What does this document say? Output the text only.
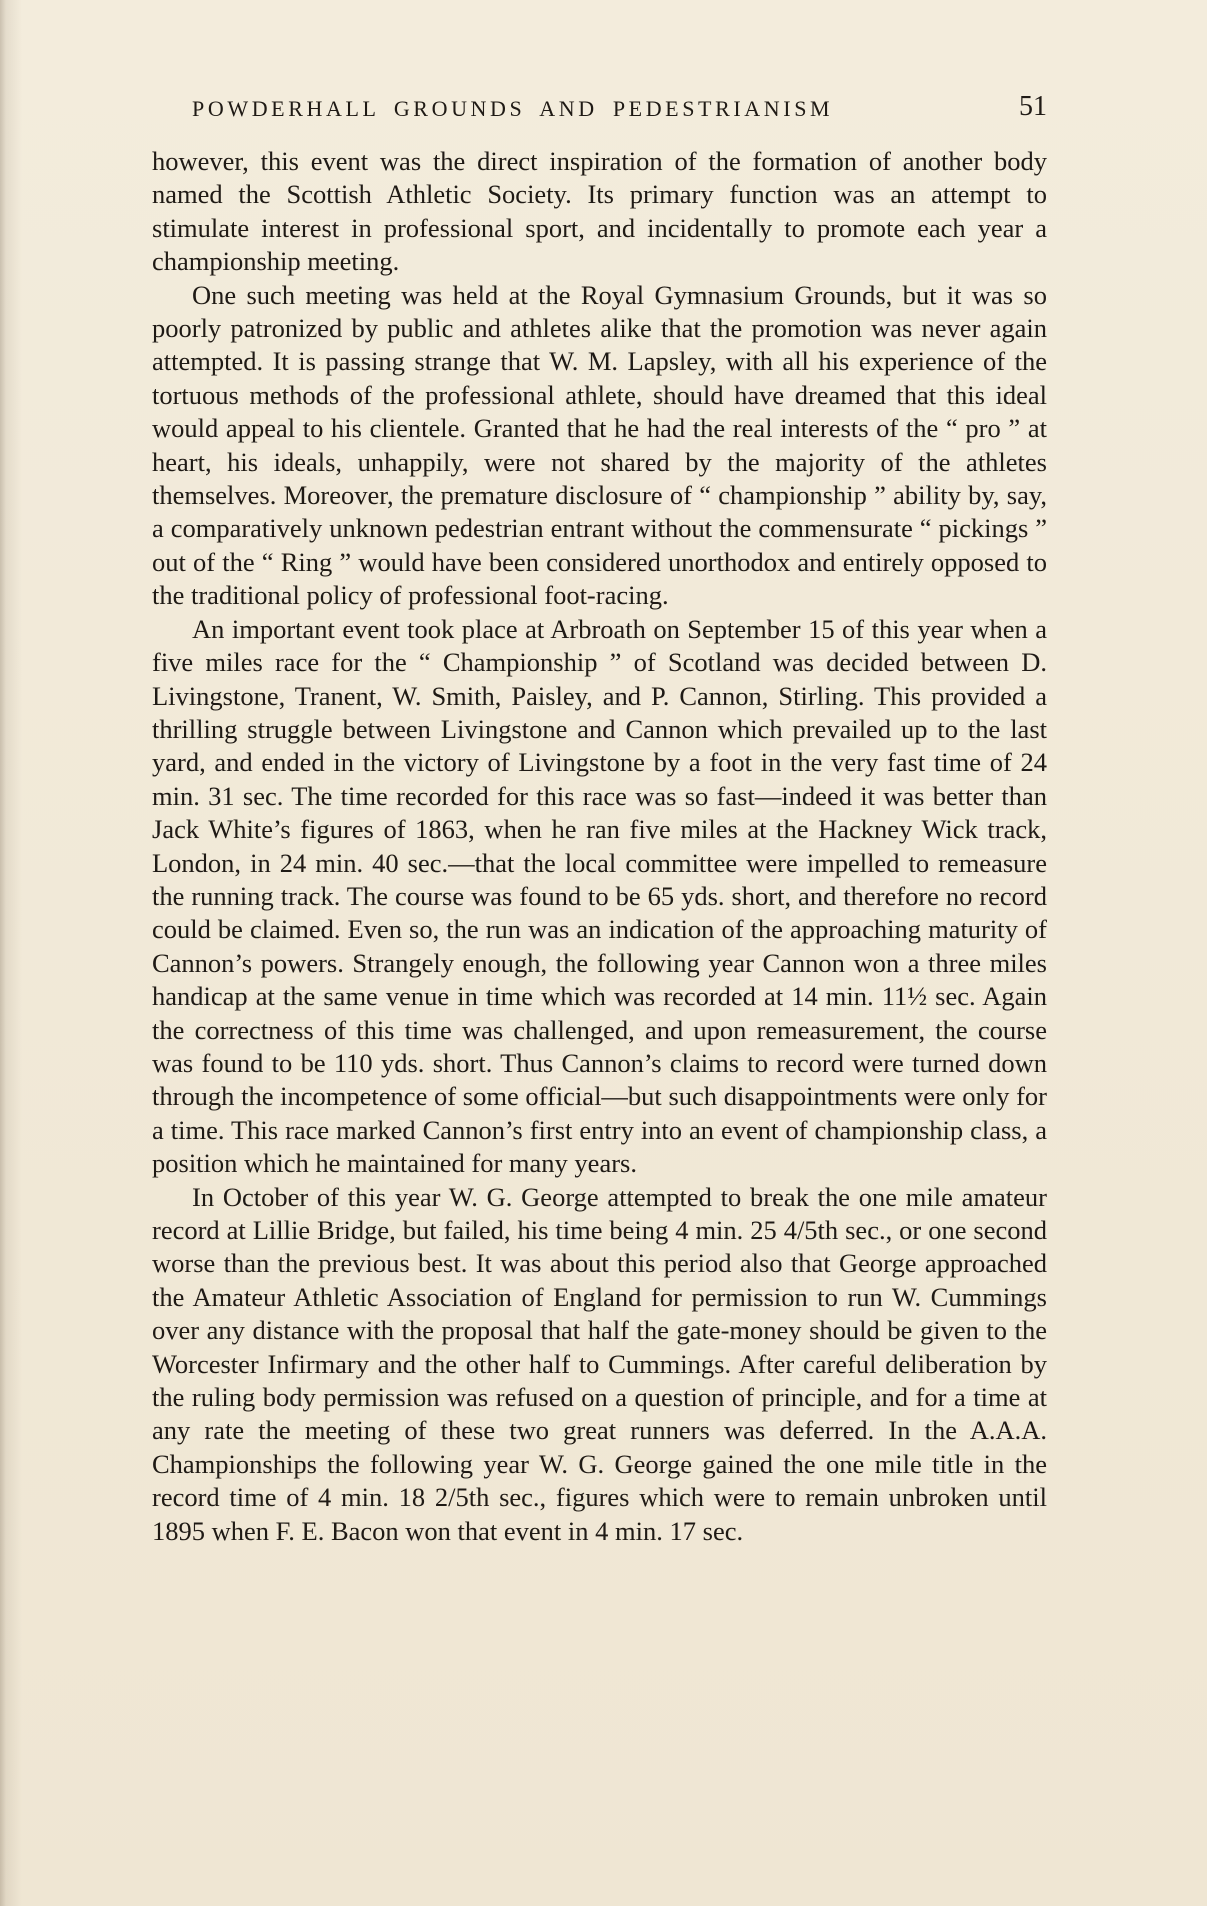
POWDERHALL GROUNDS AND PEDESTRIANISM	51

however, this event was the direct inspiration of the formation of another body named the Scottish Athletic Society. Its primary function was an attempt to stimulate interest in professional sport, and incidentally to promote each year a championship meeting.

One such meeting was held at the Royal Gymnasium Grounds, but it was so poorly patronized by public and athletes alike that the promotion was never again attempted. It is passing strange that W. M. Lapsley, with all his experience of the tortuous methods of the professional athlete, should have dreamed that this ideal would appeal to his clientele. Granted that he had the real interests of the “ pro ” at heart, his ideals, unhappily, were not shared by the majority of the athletes themselves. Moreover, the premature disclosure of “ championship ” ability by, say, a comparatively unknown pedestrian entrant without the commensurate “ pickings ” out of the “ Ring ” would have been considered unorthodox and entirely opposed to the traditional policy of professional foot-racing.

An important event took place at Arbroath on September 15 of this year when a five miles race for the “ Championship ” of Scotland was decided between D. Livingstone, Tranent, W. Smith, Paisley, and P. Cannon, Stirling. This provided a thrilling struggle between Livingstone and Cannon which prevailed up to the last yard, and ended in the victory of Livingstone by a foot in the very fast time of 24 min. 31 sec. The time recorded for this race was so fast—indeed it was better than Jack White’s figures of 1863, when he ran five miles at the Hackney Wick track, London, in 24 min. 40 sec.—that the local committee were impelled to remeasure the running track. The course was found to be 65 yds. short, and therefore no record could be claimed. Even so, the run was an indication of the approaching maturity of Cannon’s powers. Strangely enough, the following year Cannon won a three miles handicap at the same venue in time which was recorded at 14 min. 11½ sec. Again the correctness of this time was challenged, and upon remeasurement, the course was found to be 110 yds. short. Thus Cannon’s claims to record were turned down through the incompetence of some official—but such disappointments were only for a time. This race marked Cannon’s first entry into an event of championship class, a position which he maintained for many years.

In October of this year W. G. George attempted to break the one mile amateur record at Lillie Bridge, but failed, his time being 4 min. 25 4/5th sec., or one second worse than the previous best. It was about this period also that George approached the Amateur Athletic Association of England for permission to run W. Cummings over any distance with the proposal that half the gate-money should be given to the Worcester Infirmary and the other half to Cummings. After careful deliberation by the ruling body permission was refused on a question of principle, and for a time at any rate the meeting of these two great runners was deferred. In the A.A.A. Championships the following year W. G. George gained the one mile title in the record time of 4 min. 18 2/5th sec., figures which were to remain unbroken until 1895 when F. E. Bacon won that event in 4 min. 17 sec.
